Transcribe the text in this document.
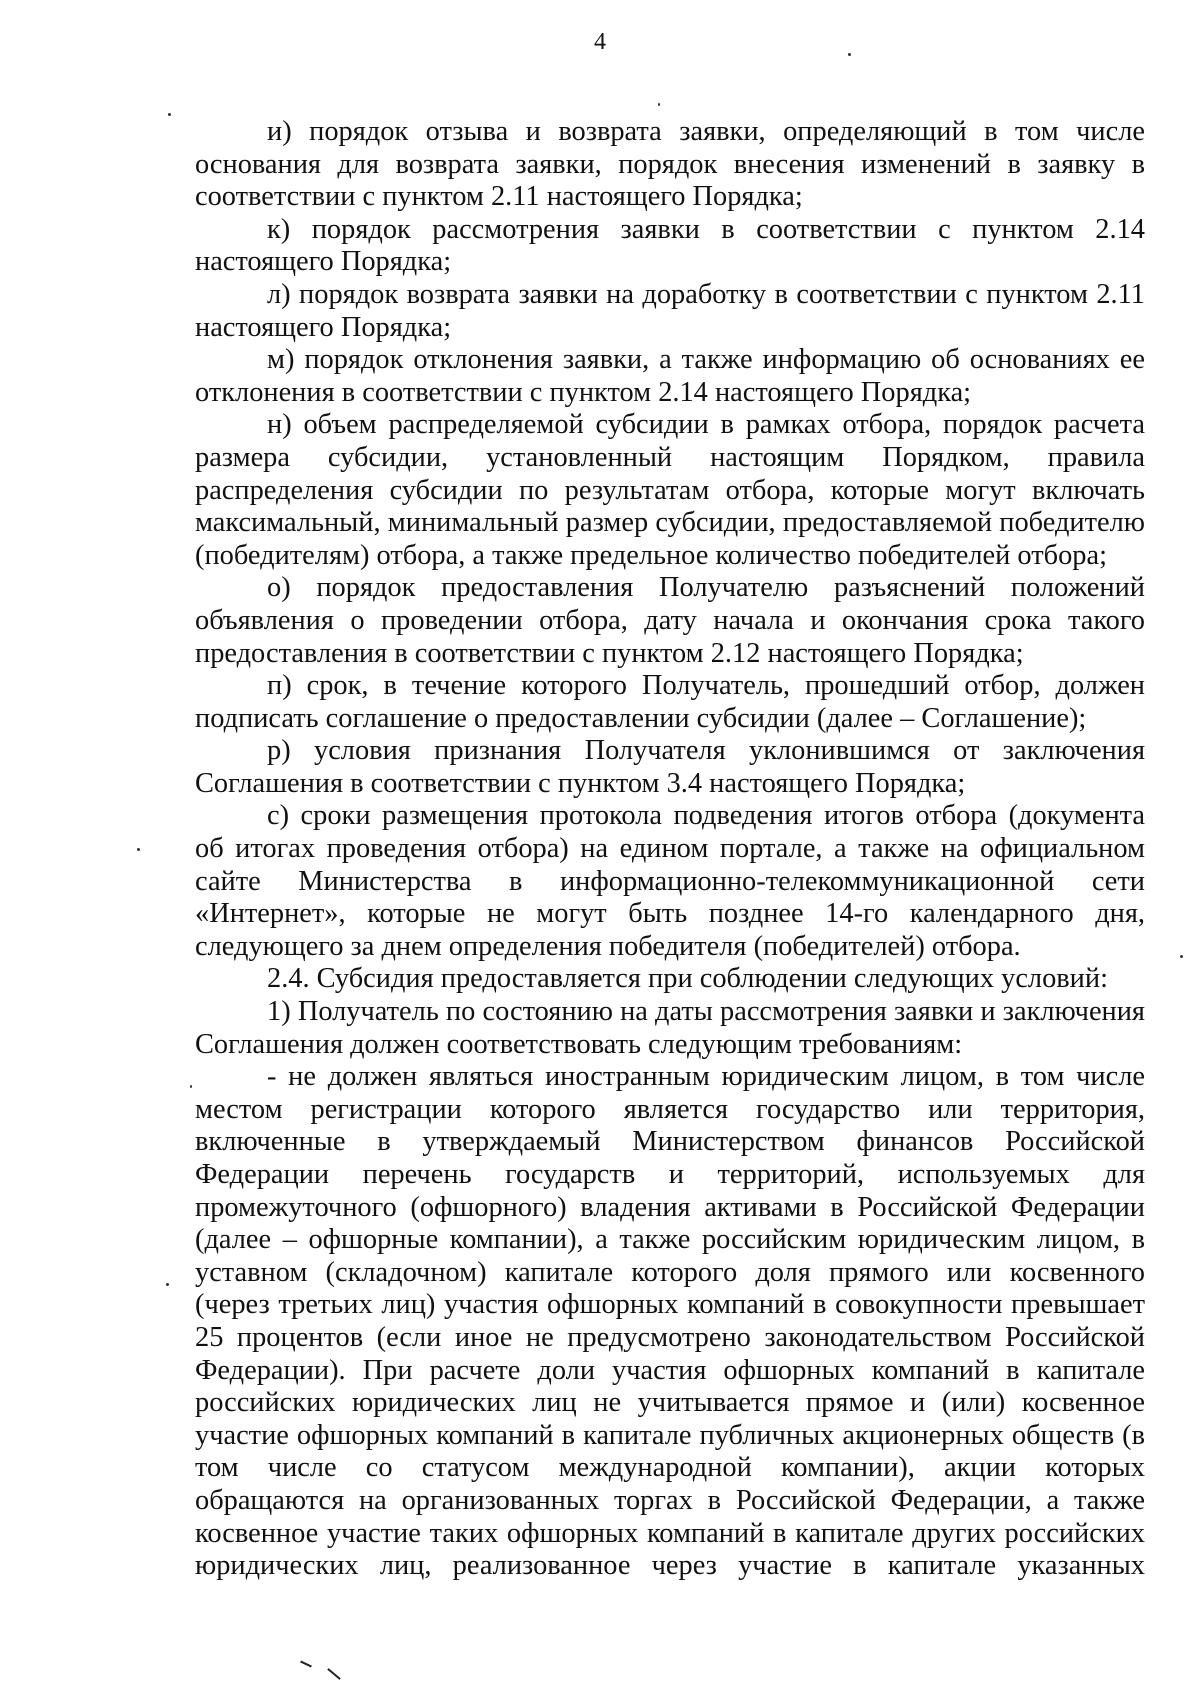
4

и) порядок отзыва и возврата заявки, определяющий в том числе основания для возврата заявки, порядок внесения изменений в заявку в соответствии с пунктом 2.11 настоящего Порядка;

к) порядок рассмотрения заявки в соответствии с пунктом 2.14 настоящего Порядка;

л) порядок возврата заявки на доработку в соответствии с пунктом 2.11 настоящего Порядка;

м) порядок отклонения заявки, а также информацию об основаниях ее отклонения в соответствии с пунктом 2.14 настоящего Порядка;

н) объем распределяемой субсидии в рамках отбора, порядок расчета размера субсидии, установленный настоящим Порядком, правила распределения субсидии по результатам отбора, которые могут включать максимальный, минимальный размер субсидии, предоставляемой победителю (победителям) отбора, а также предельное количество победителей отбора;

о) порядок предоставления Получателю разъяснений положений объявления о проведении отбора, дату начала и окончания срока такого предоставления в соответствии с пунктом 2.12 настоящего Порядка;

п) срок, в течение которого Получатель, прошедший отбор, должен подписать соглашение о предоставлении субсидии (далее – Соглашение);

р) условия признания Получателя уклонившимся от заключения Соглашения в соответствии с пунктом 3.4 настоящего Порядка;

с) сроки размещения протокола подведения итогов отбора (документа об итогах проведения отбора) на едином портале, а также на официальном сайте Министерства в информационно-телекоммуникационной сети «Интернет», которые не могут быть позднее 14-го календарного дня, следующего за днем определения победителя (победителей) отбора.

2.4. Субсидия предоставляется при соблюдении следующих условий:

1) Получатель по состоянию на даты рассмотрения заявки и заключения Соглашения должен соответствовать следующим требованиям:

- не должен являться иностранным юридическим лицом, в том числе местом регистрации которого является государство или территория, включенные в утверждаемый Министерством финансов Российской Федерации перечень государств и территорий, используемых для промежуточного (офшорного) владения активами в Российской Федерации (далее – офшорные компании), а также российским юридическим лицом, в уставном (складочном) капитале которого доля прямого или косвенного (через третьих лиц) участия офшорных компаний в совокупности превышает 25 процентов (если иное не предусмотрено законодательством Российской Федерации). При расчете доли участия офшорных компаний в капитале российских юридических лиц не учитывается прямое и (или) косвенное участие офшорных компаний в капитале публичных акционерных обществ (в том числе со статусом международной компании), акции которых обращаются на организованных торгах в Российской Федерации, а также косвенное участие таких офшорных компаний в капитале других российских юридических лиц, реализованное через участие в капитале указанных
